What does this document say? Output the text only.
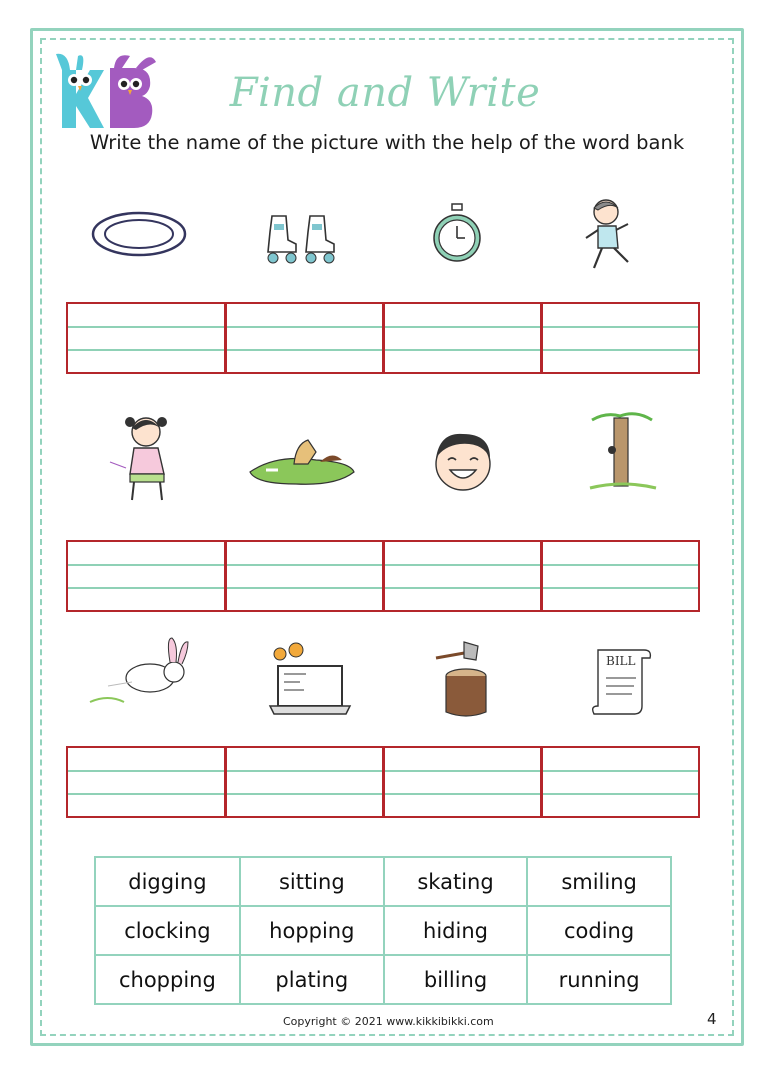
Find and Write
Write the name of the picture with the help of the word bank
BILL
digging	sitting	skating	smiling
clocking	hopping	hiding	coding
chopping	plating	billing	running
Copyright © 2021 www.kikkibikki.com	4
